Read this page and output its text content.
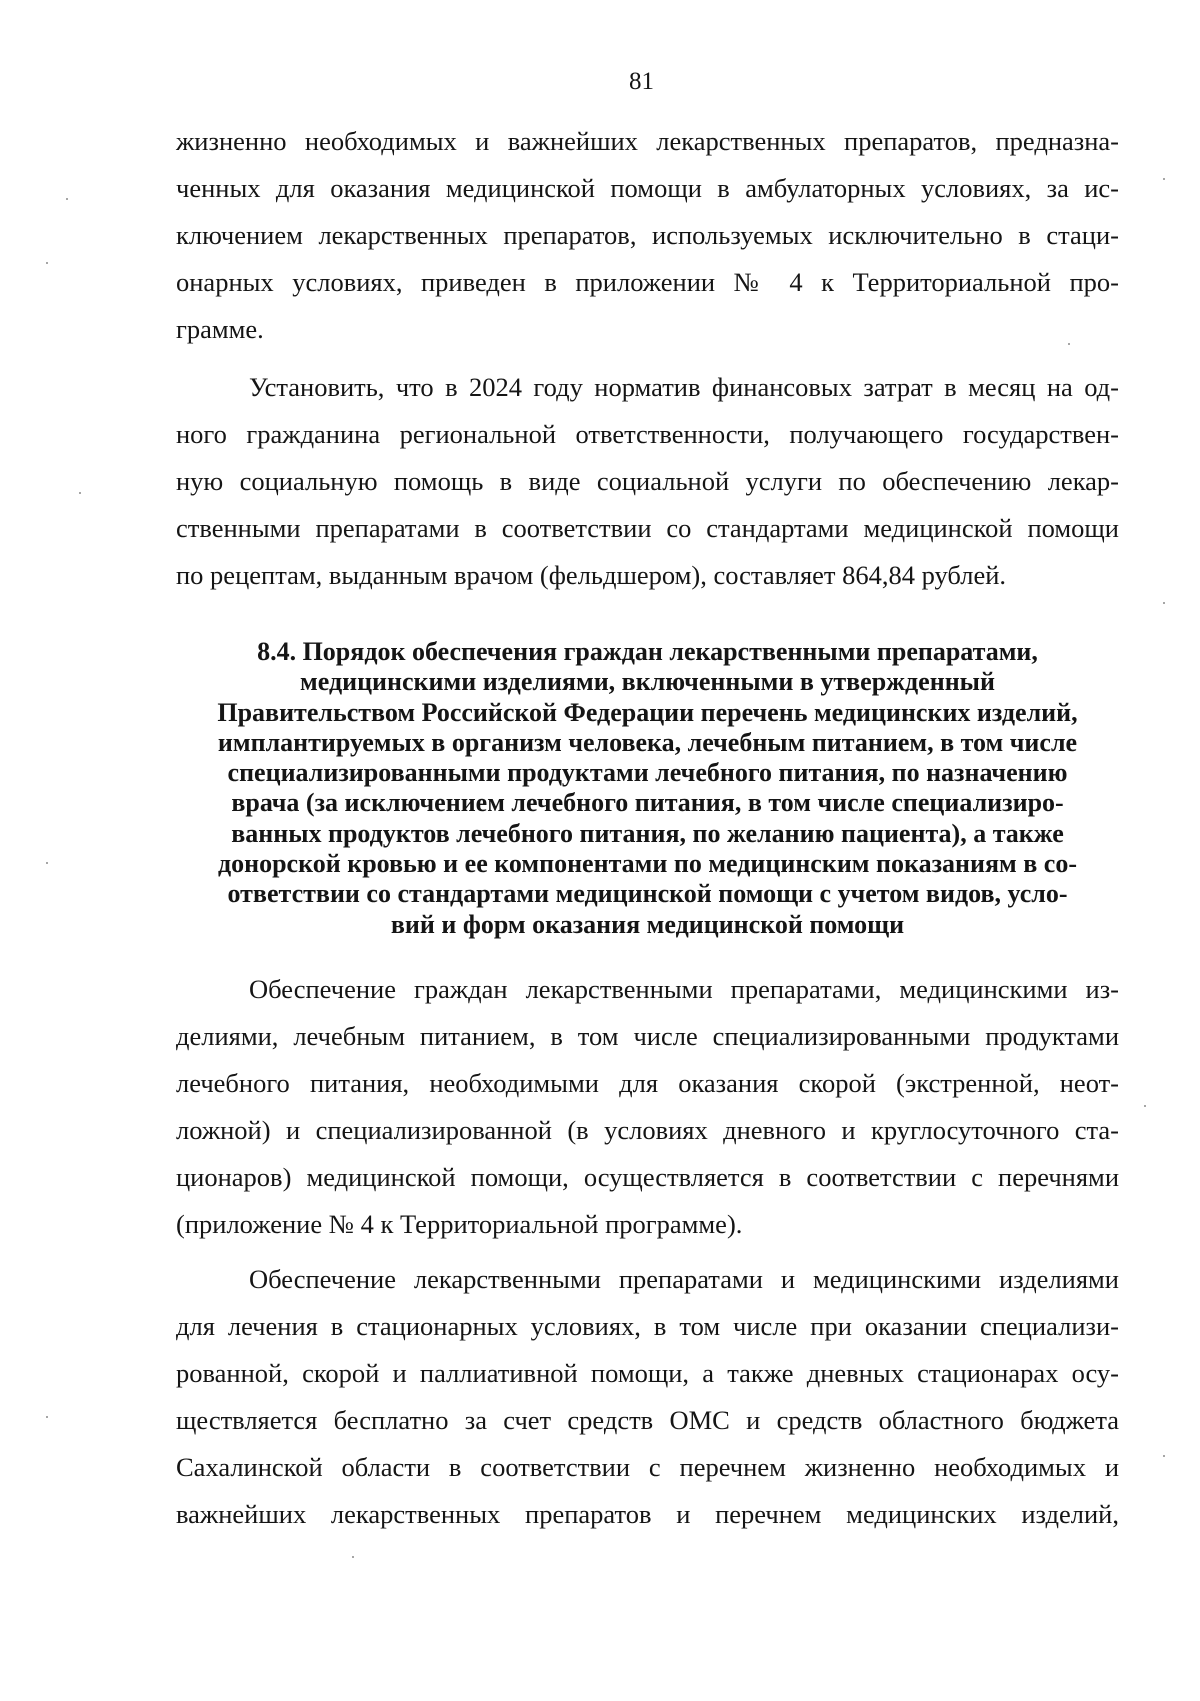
81
жизненно необходимых и важнейших лекарственных препаратов, предназна-
ченных для оказания медицинской помощи в амбулаторных условиях, за ис-
ключением лекарственных препаратов, используемых исключительно в стаци-
онарных условиях, приведен в приложении № 4 к Территориальной про-
грамме.
Установить, что в 2024 году норматив финансовых затрат в месяц на од-
ного гражданина региональной ответственности, получающего государствен-
ную социальную помощь в виде социальной услуги по обеспечению лекар-
ственными препаратами в соответствии со стандартами медицинской помощи
по рецептам, выданным врачом (фельдшером), составляет 864,84 рублей.
8.4. Порядок обеспечения граждан лекарственными препаратами,
медицинскими изделиями, включенными в утвержденный
Правительством Российской Федерации перечень медицинских изделий,
имплантируемых в организм человека, лечебным питанием, в том числе
специализированными продуктами лечебного питания, по назначению
врача (за исключением лечебного питания, в том числе специализиро-
ванных продуктов лечебного питания, по желанию пациента), а также
донорской кровью и ее компонентами по медицинским показаниям в со-
ответствии со стандартами медицинской помощи с учетом видов, усло-
вий и форм оказания медицинской помощи
Обеспечение граждан лекарственными препаратами, медицинскими из-
делиями, лечебным питанием, в том числе специализированными продуктами
лечебного питания, необходимыми для оказания скорой (экстренной, неот-
ложной) и специализированной (в условиях дневного и круглосуточного ста-
ционаров) медицинской помощи, осуществляется в соответствии с перечнями
(приложение № 4 к Территориальной программе).
Обеспечение лекарственными препаратами и медицинскими изделиями
для лечения в стационарных условиях, в том числе при оказании специализи-
рованной, скорой и паллиативной помощи, а также дневных стационарах осу-
ществляется бесплатно за счет средств ОМС и средств областного бюджета
Сахалинской области в соответствии с перечнем жизненно необходимых и
важнейших лекарственных препаратов и перечнем медицинских изделий,
